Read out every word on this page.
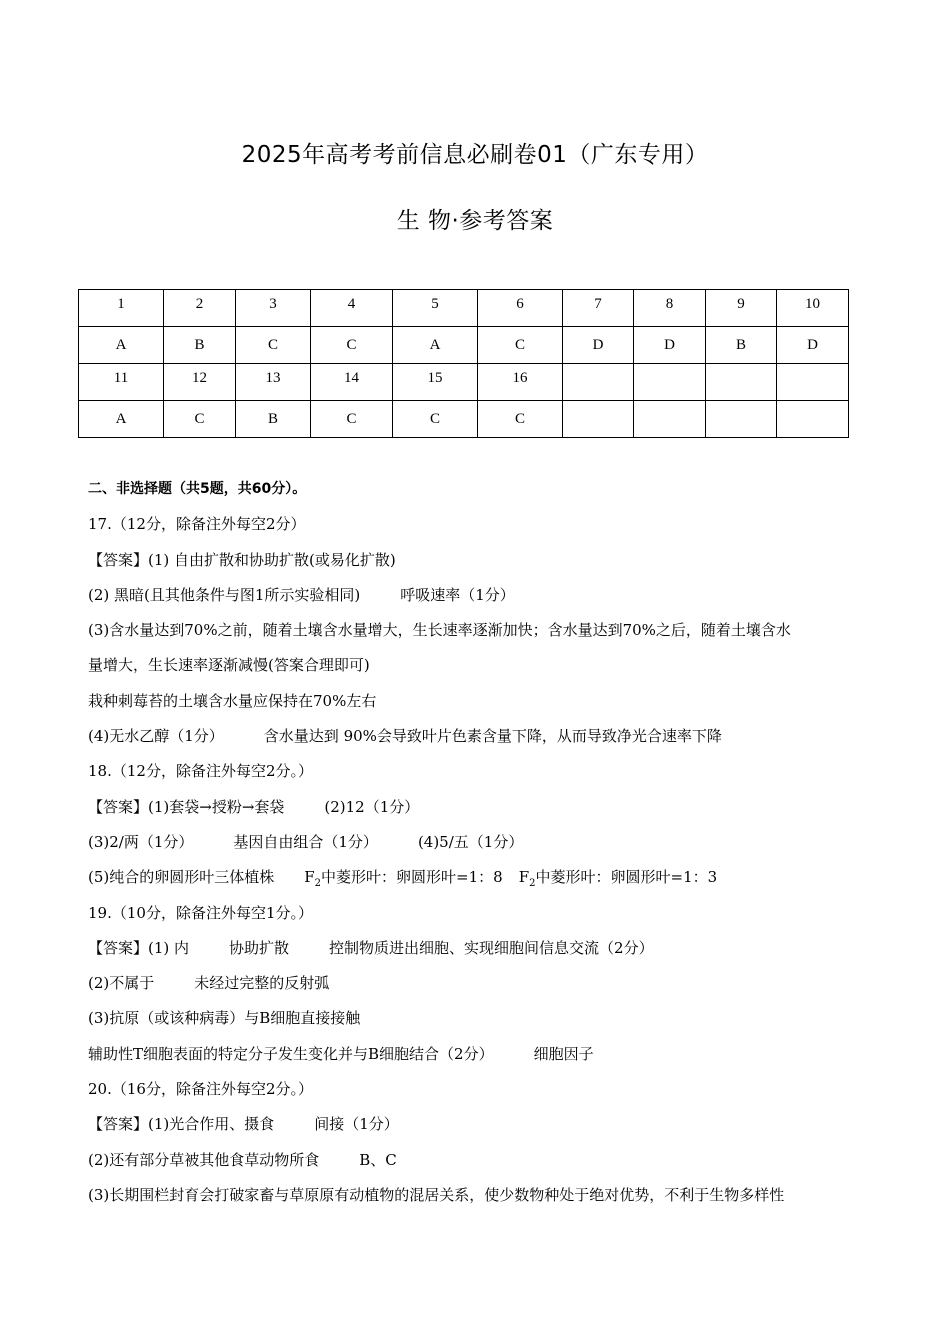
2025年高考考前信息必刷卷01（广东专用）
生 物·参考答案
1	2	3	4	5	6	7	8	9	10
A	B	C	C	A	C	D	D	B	D
11	12	13	14	15	16				
A	C	B	C	C	C				
二、非选择题（共5题，共60分）。
17.（12分，除备注外每空2分）
【答案】(1) 自由扩散和协助扩散(或易化扩散)
(2) 黑暗(且其他条件与图1所示实验相同)	呼吸速率（1分）
(3)含水量达到70%之前，随着土壤含水量增大，生长速率逐渐加快；含水量达到70%之后，随着土壤含水
量增大，生长速率逐渐减慢(答案合理即可)
栽种刺莓苔的土壤含水量应保持在70%左右
(4)无水乙醇（1分）	含水量达到 90%会导致叶片色素含量下降，从而导致净光合速率下降
18.（12分，除备注外每空2分。）
【答案】(1)套袋→授粉→套袋	(2)12（1分）
(3)2/两（1分）	基因自由组合（1分）	(4)5/五（1分）
(5)纯合的卵圆形叶三体植株 $F_2$中菱形叶：卵圆形叶=1：8 $F_2$中菱形叶：卵圆形叶=1：3
19.（10分，除备注外每空1分。）
【答案】(1) 内	协助扩散	控制物质进出细胞、实现细胞间信息交流（2分）
(2)不属于	未经过完整的反射弧
(3)抗原（或该种病毒）与B细胞直接接触
辅助性T细胞表面的特定分子发生变化并与B细胞结合（2分）	细胞因子
20.（16分，除备注外每空2分。）
【答案】(1)光合作用、摄食	间接（1分）
(2)还有部分草被其他食草动物所食	B、C
(3)长期围栏封育会打破家畜与草原原有动植物的混居关系，使少数物种处于绝对优势，不利于生物多样性
